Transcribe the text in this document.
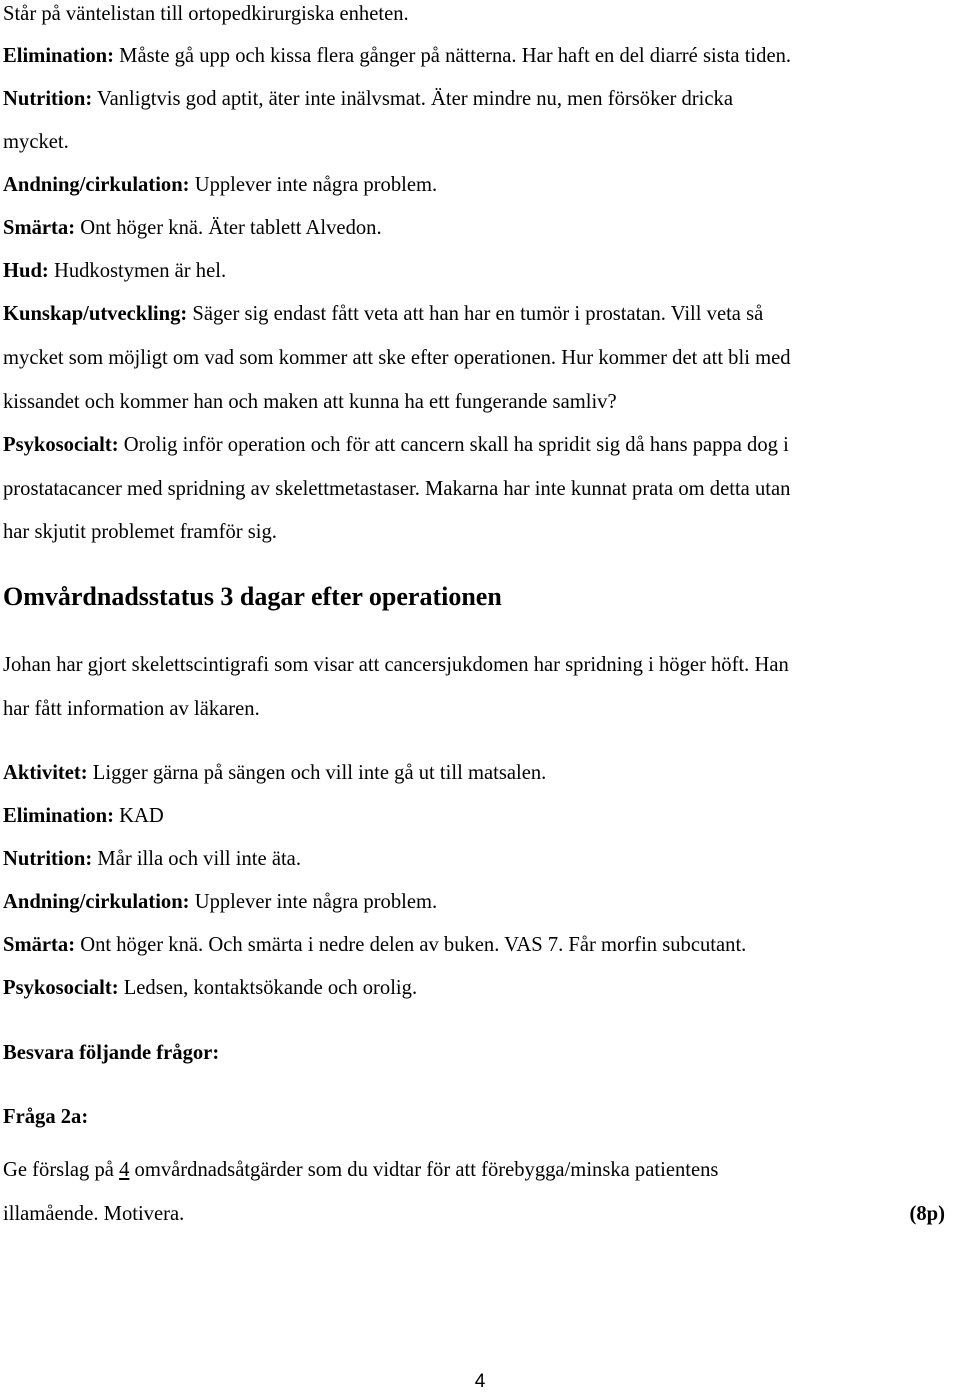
Står på väntelistan till ortopedkirurgiska enheten.
Elimination: Måste gå upp och kissa flera gånger på nätterna. Har haft en del diarré sista tiden.
Nutrition: Vanligtvis god aptit, äter inte inälvsmat. Äter mindre nu, men försöker dricka
mycket.
Andning/cirkulation: Upplever inte några problem.
Smärta: Ont höger knä. Äter tablett Alvedon.
Hud: Hudkostymen är hel.
Kunskap/utveckling: Säger sig endast fått veta att han har en tumör i prostatan. Vill veta så
mycket som möjligt om vad som kommer att ske efter operationen. Hur kommer det att bli med
kissandet och kommer han och maken att kunna ha ett fungerande samliv?
Psykosocialt: Orolig inför operation och för att cancern skall ha spridit sig då hans pappa dog i
prostatacancer med spridning av skelettmetastaser. Makarna har inte kunnat prata om detta utan
har skjutit problemet framför sig.
Omvårdnadsstatus 3 dagar efter operationen
Johan har gjort skelettscintigrafi som visar att cancersjukdomen har spridning i höger höft. Han
har fått information av läkaren.
Aktivitet: Ligger gärna på sängen och vill inte gå ut till matsalen.
Elimination: KAD
Nutrition: Mår illa och vill inte äta.
Andning/cirkulation: Upplever inte några problem.
Smärta: Ont höger knä. Och smärta i nedre delen av buken. VAS 7. Får morfin subcutant.
Psykosocialt: Ledsen, kontaktsökande och orolig.
Besvara följande frågor:
Fråga 2a:
Ge förslag på 4 omvårdnadsåtgärder som du vidtar för att förebygga/minska patientens
illamående. Motivera.	(8p)
4
